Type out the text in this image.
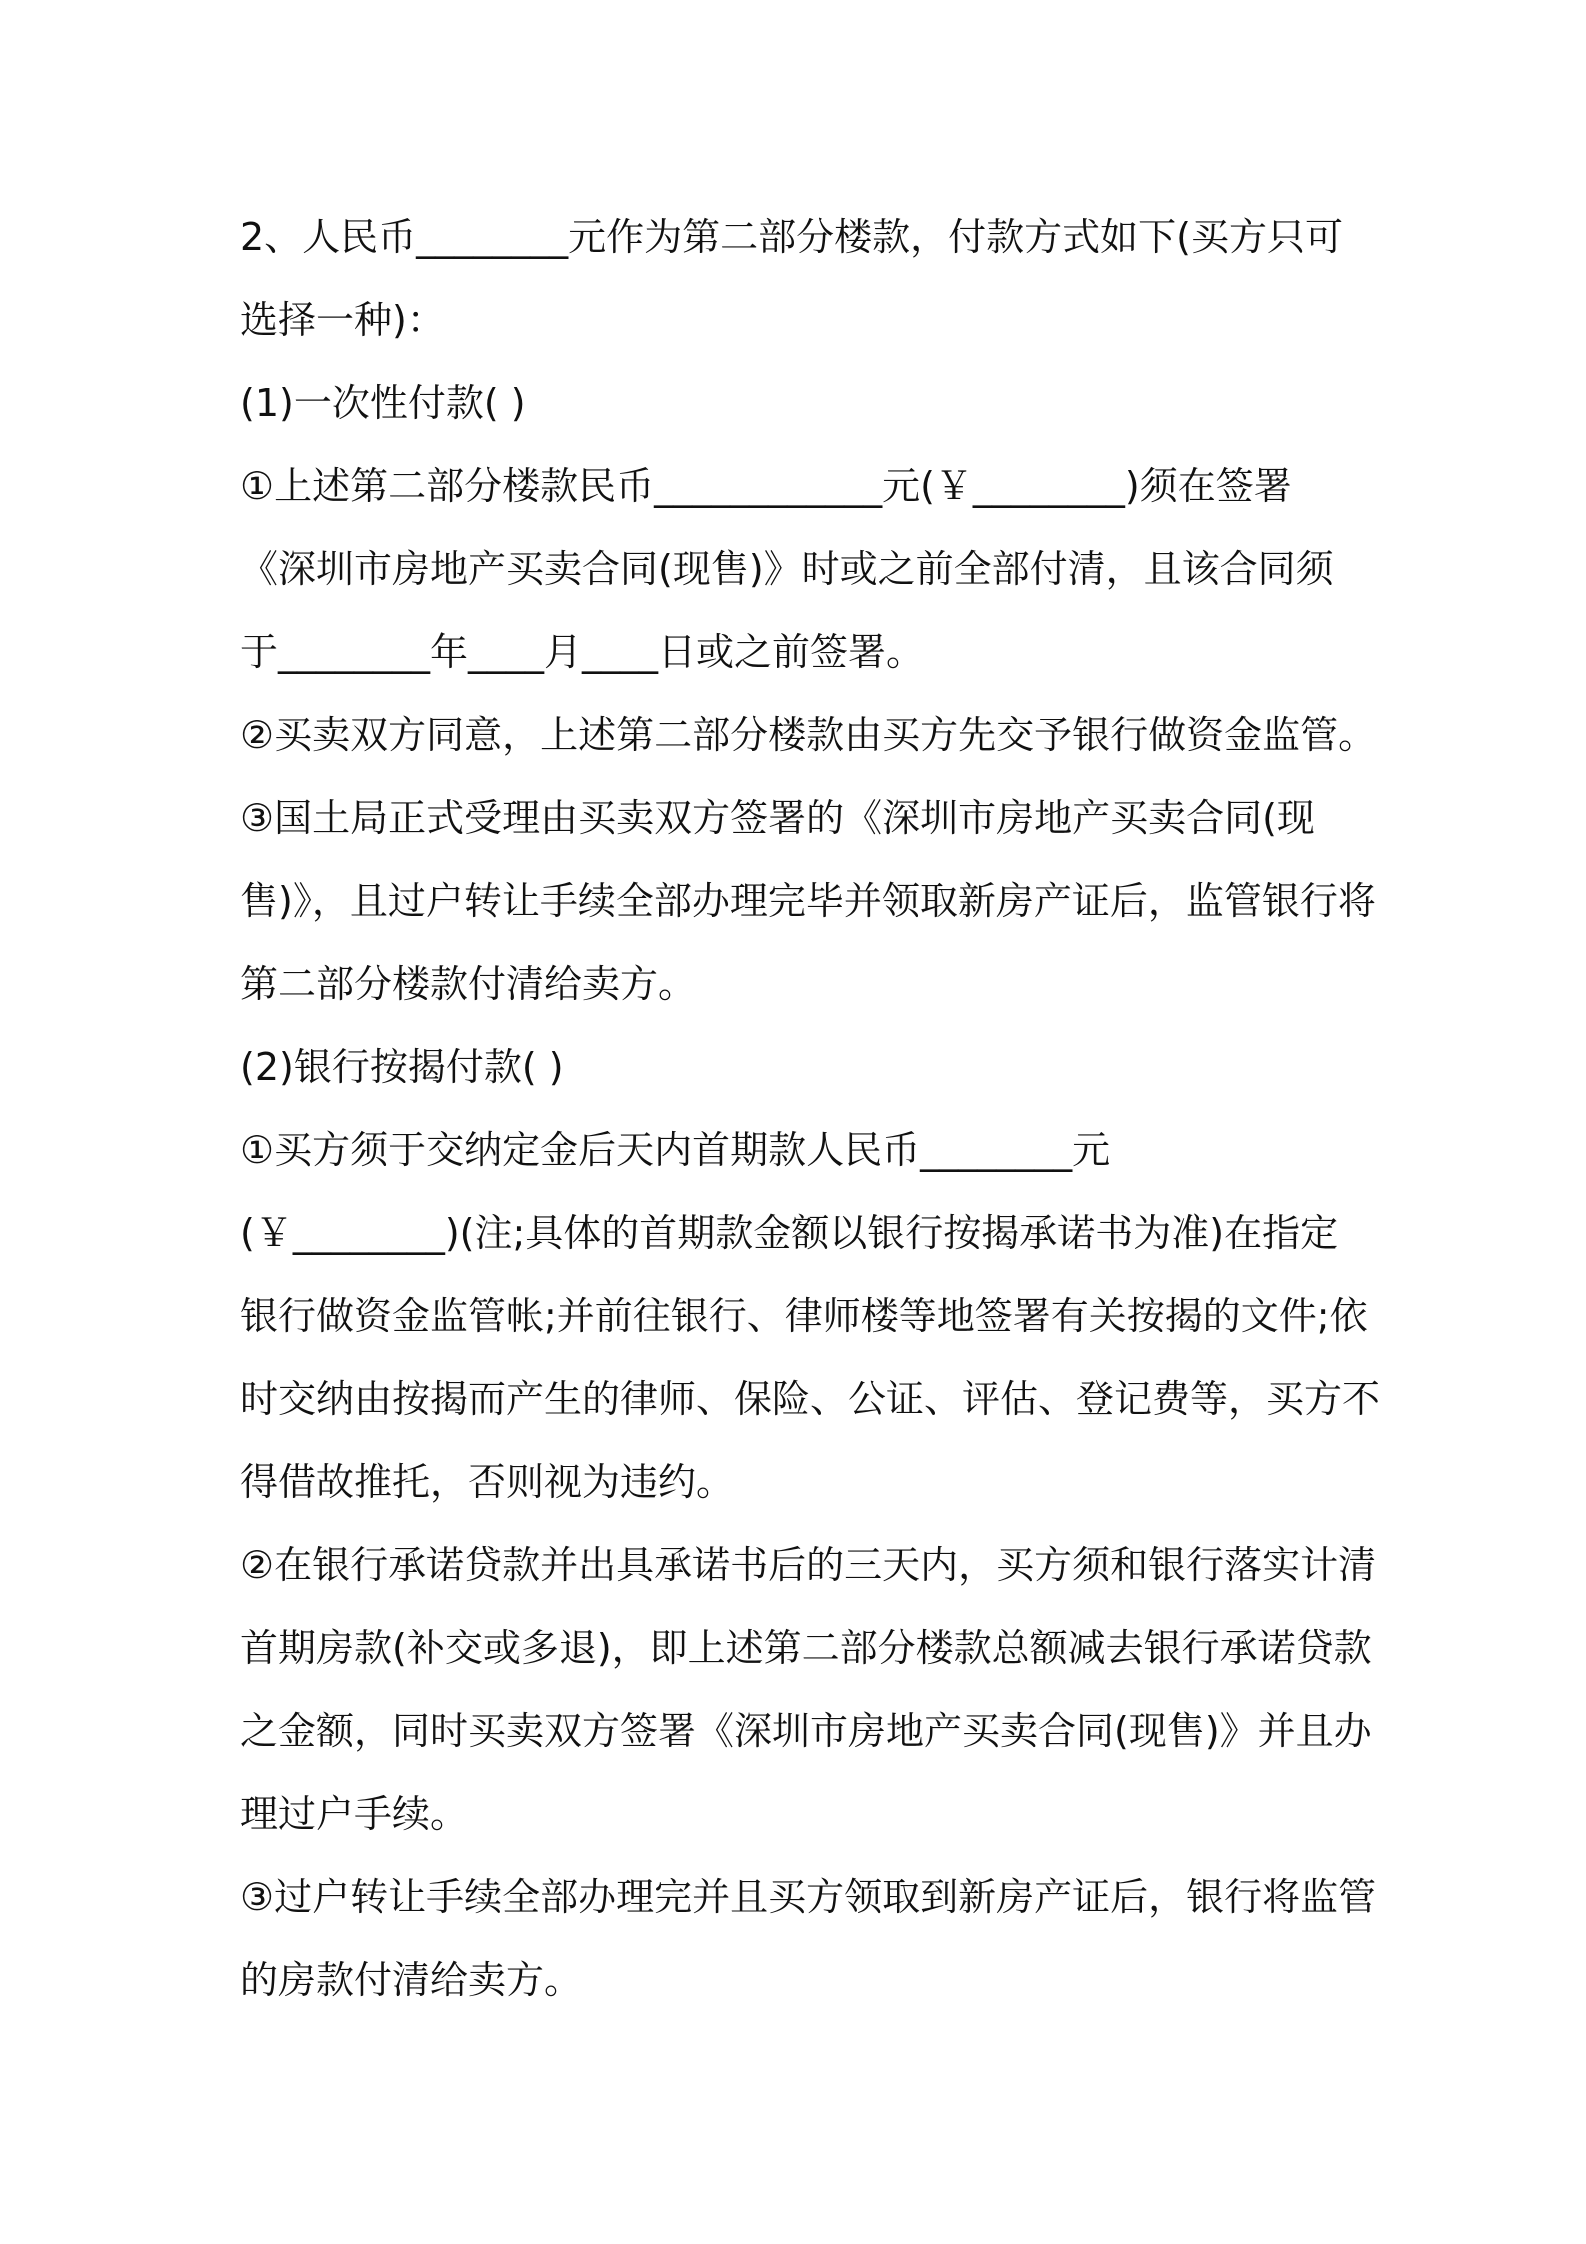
2、人民币________元作为第二部分楼款，付款方式如下(买方只可
选择一种)：
(1)一次性付款( )
①上述第二部分楼款民币____________元(￥________)须在签署
《深圳市房地产买卖合同(现售)》时或之前全部付清，且该合同须
于________年____月____日或之前签署。
②买卖双方同意，上述第二部分楼款由买方先交予银行做资金监管。
③国土局正式受理由买卖双方签署的《深圳市房地产买卖合同(现
售)》，且过户转让手续全部办理完毕并领取新房产证后，监管银行将
第二部分楼款付清给卖方。
(2)银行按揭付款( )
①买方须于交纳定金后天内首期款人民币________元
(￥________)(注;具体的首期款金额以银行按揭承诺书为准)在指定
银行做资金监管帐;并前往银行、律师楼等地签署有关按揭的文件;依
时交纳由按揭而产生的律师、保险、公证、评估、登记费等，买方不
得借故推托，否则视为违约。
②在银行承诺贷款并出具承诺书后的三天内，买方须和银行落实计清
首期房款(补交或多退)，即上述第二部分楼款总额减去银行承诺贷款
之金额，同时买卖双方签署《深圳市房地产买卖合同(现售)》并且办
理过户手续。
③过户转让手续全部办理完并且买方领取到新房产证后，银行将监管
的房款付清给卖方。
